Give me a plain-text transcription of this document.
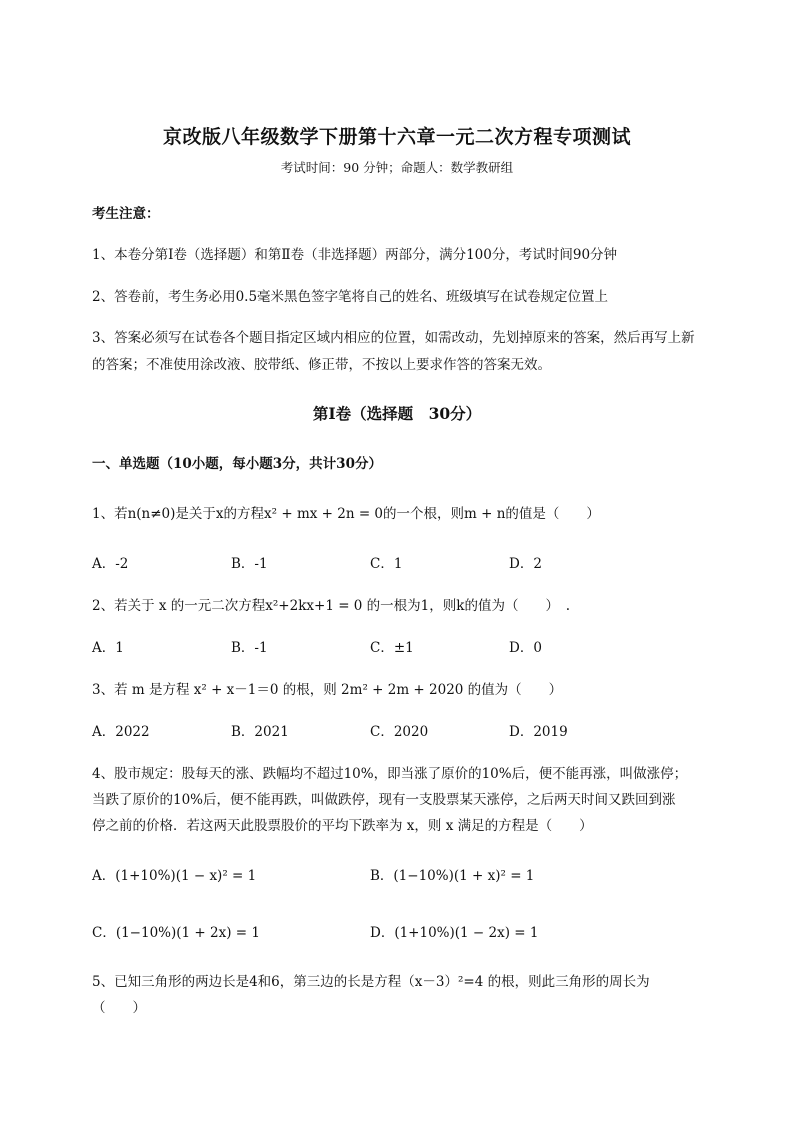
京改版八年级数学下册第十六章一元二次方程专项测试
考试时间：90 分钟；命题人：数学教研组
考生注意：
1、本卷分第Ⅰ卷（选择题）和第Ⅱ卷（非选择题）两部分，满分100分，考试时间90分钟
2、答卷前，考生务必用0.5毫米黑色签字笔将自己的姓名、班级填写在试卷规定位置上
3、答案必须写在试卷各个题目指定区域内相应的位置，如需改动，先划掉原来的答案，然后再写上新
的答案；不准使用涂改液、胶带纸、修正带，不按以上要求作答的答案无效。
第Ⅰ卷（选择题　30分）
一、单选题（10小题，每小题3分，共计30分）
1、若n(n≠0)是关于x的方程x² + mx + 2n = 0的一个根，则m + n的值是（　　）
A．-2	B．-1	C．1	D．2
2、若关于 x 的一元二次方程x²+2kx+1 = 0 的一根为1，则k的值为（　　）　.
A．1	B．-1	C．±1	D．0
3、若 m 是方程 x² + x－1＝0 的根，则 2m² + 2m + 2020 的值为（　　）
A．2022	B．2021	C．2020	D．2019
4、股市规定：股每天的涨、跌幅均不超过10%，即当涨了原价的10%后，便不能再涨，叫做涨停；
当跌了原价的10%后，便不能再跌，叫做跌停，现有一支股票某天涨停，之后两天时间又跌回到涨
停之前的价格．若这两天此股票股价的平均下跌率为 x，则 x 满足的方程是（　　）
A．(1+10%)(1 − x)² = 1	B．(1−10%)(1 + x)² = 1
C．(1−10%)(1 + 2x) = 1	D．(1+10%)(1 − 2x) = 1
5、已知三角形的两边长是4和6，第三边的长是方程（x－3）²=4 的根，则此三角形的周长为
（　　）
